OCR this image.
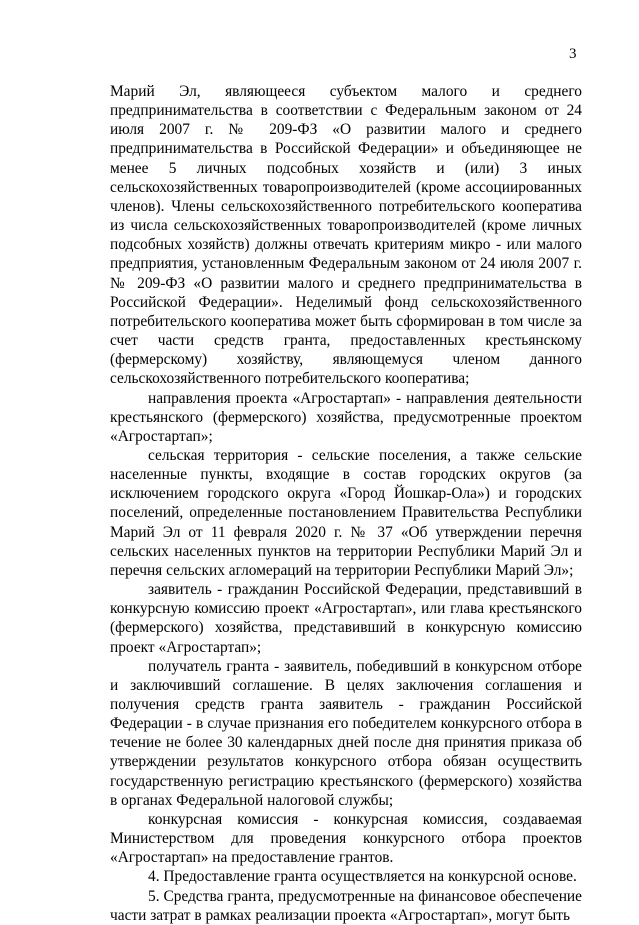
3

Марий Эл, являющееся субъектом малого и среднего предпринимательства в соответствии с Федеральным законом от 24 июля 2007 г. № 209-ФЗ «О развитии малого и среднего предпринимательства в Российской Федерации» и объединяющее не менее 5 личных подсобных хозяйств и (или) 3 иных сельскохозяйственных товаропроизводителей (кроме ассоциированных членов). Члены сельскохозяйственного потребительского кооператива из числа сельскохозяйственных товаропроизводителей (кроме личных подсобных хозяйств) должны отвечать критериям микро - или малого предприятия, установленным Федеральным законом от 24 июля 2007 г. № 209-ФЗ «О развитии малого и среднего предпринимательства в Российской Федерации». Неделимый фонд сельскохозяйственного потребительского кооператива может быть сформирован в том числе за счет части средств гранта, предоставленных крестьянскому (фермерскому) хозяйству, являющемуся членом данного сельскохозяйственного потребительского кооператива;

направления проекта «Агростартап» - направления деятельности крестьянского (фермерского) хозяйства, предусмотренные проектом «Агростартап»;

сельская территория - сельские поселения, а также сельские населенные пункты, входящие в состав городских округов (за исключением городского округа «Город Йошкар-Ола») и городских поселений, определенные постановлением Правительства Республики Марий Эл от 11 февраля 2020 г. № 37 «Об утверждении перечня сельских населенных пунктов на территории Республики Марий Эл и перечня сельских агломераций на территории Республики Марий Эл»;

заявитель - гражданин Российской Федерации, представивший в конкурсную комиссию проект «Агростартап», или глава крестьянского (фермерского) хозяйства, представивший в конкурсную комиссию проект «Агростартап»;

получатель гранта - заявитель, победивший в конкурсном отборе и заключивший соглашение. В целях заключения соглашения и получения средств гранта заявитель - гражданин Российской Федерации - в случае признания его победителем конкурсного отбора в течение не более 30 календарных дней после дня принятия приказа об утверждении результатов конкурсного отбора обязан осуществить государственную регистрацию крестьянского (фермерского) хозяйства в органах Федеральной налоговой службы;

конкурсная комиссия - конкурсная комиссия, создаваемая Министерством для проведения конкурсного отбора проектов «Агростартап» на предоставление грантов.

4. Предоставление гранта осуществляется на конкурсной основе.

5. Средства гранта, предусмотренные на финансовое обеспечение части затрат в рамках реализации проекта «Агростартап», могут быть
